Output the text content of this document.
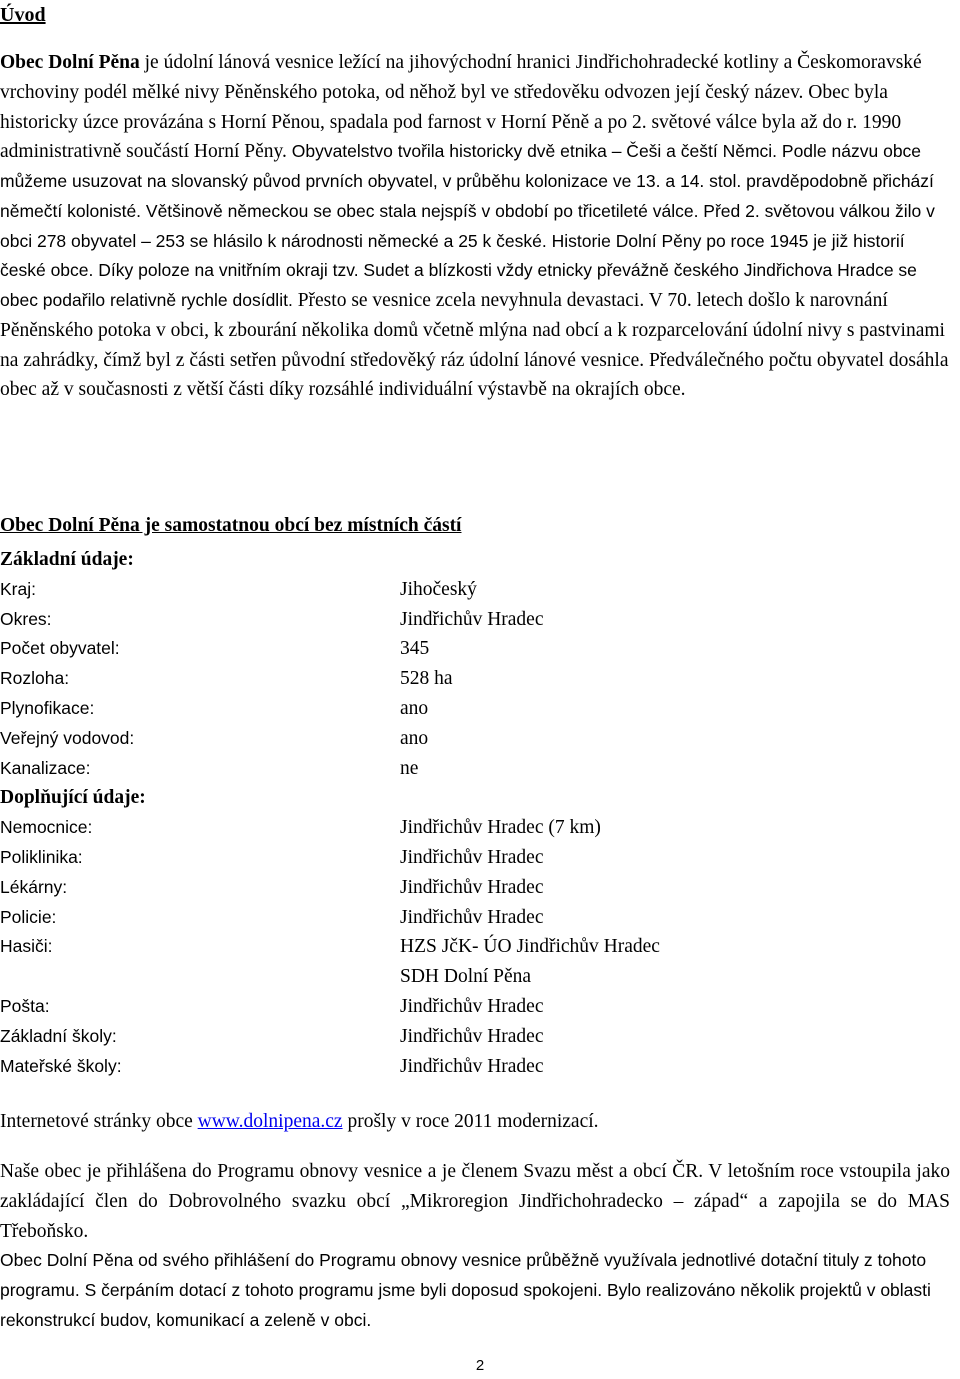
Úvod
Obec Dolní Pěna je údolní lánová vesnice ležící na jihovýchodní hranici Jindřichohradecké kotliny a Českomoravské vrchoviny podél mělké nivy Pěněnského potoka, od něhož byl ve středověku odvozen její český název. Obec byla historicky úzce provázána s Horní Pěnou, spadala pod farnost v Horní Pěně a po 2. světové válce byla až do r. 1990 administrativně součástí Horní Pěny. Obyvatelstvo tvořila historicky dvě etnika – Češi a čeští Němci. Podle názvu obce můžeme usuzovat na slovanský původ prvních obyvatel, v průběhu kolonizace ve 13. a 14. stol. pravděpodobně přichází němečtí kolonisté. Většinově německou se obec stala nejspíš v období po třicetileté válce. Před 2. světovou válkou žilo v obci 278 obyvatel – 253 se hlásilo k národnosti německé a 25 k české. Historie Dolní Pěny po roce 1945 je již historií české obce. Díky poloze na vnitřním okraji tzv. Sudet a blízkosti vždy etnicky převážně českého Jindřichova Hradce se obec podařilo relativně rychle dosídlit. Přesto se vesnice zcela nevyhnula devastaci. V 70. letech došlo k narovnání Pěněnského potoka v obci, k zbourání několika domů včetně mlýna nad obcí a k rozparcelování údolní nivy s pastvinami na zahrádky, čímž byl z části setřen původní středověký ráz údolní lánové vesnice. Předválečného počtu obyvatel dosáhla obec až v současnosti z větší části díky rozsáhlé individuální výstavbě na okrajích obce.
Obec Dolní Pěna je samostatnou obcí bez místních částí
Základní údaje:
Kraj:	Jihočeský
Okres:	Jindřichův Hradec
Počet obyvatel:	345
Rozloha:	528 ha
Plynofikace:	ano
Veřejný vodovod:	ano
Kanalizace:	ne
Doplňující údaje:
Nemocnice:	Jindřichův Hradec (7 km)
Poliklinika:	Jindřichův Hradec
Lékárny:	Jindřichův Hradec
Policie:	Jindřichův Hradec
Hasiči:	HZS JčK- ÚO Jindřichův Hradec
SDH Dolní Pěna
Pošta:	Jindřichův Hradec
Základní školy:	Jindřichův Hradec
Mateřské školy:	Jindřichův Hradec
Internetové stránky obce www.dolnipena.cz prošly v roce 2011 modernizací.
Naše obec je přihlášena do Programu obnovy vesnice a je členem Svazu měst a obcí ČR. V letošním roce vstoupila jako zakládající člen do Dobrovolného svazku obcí „Mikroregion Jindřichohradecko – západ“ a zapojila se do MAS Třeboňsko.
Obec Dolní Pěna od svého přihlášení do Programu obnovy vesnice průběžně využívala jednotlivé dotační tituly z tohoto programu. S čerpáním dotací z tohoto programu jsme byli doposud spokojeni. Bylo realizováno několik projektů v oblasti rekonstrukcí budov, komunikací a zeleně v obci.
2
